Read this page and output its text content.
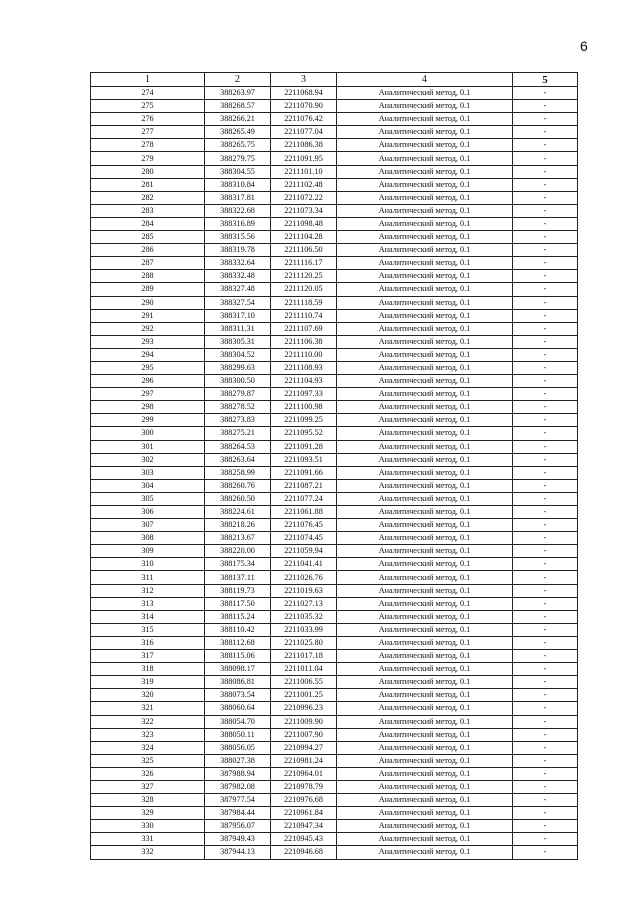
6
1	2	3	4	5
274	388263.97	2211068.94	Аналитический метод, 0.1	-
275	388268.57	2211070.90	Аналитический метод, 0.1	-
276	388266.21	2211076.42	Аналитический метод, 0.1	-
277	388265.49	2211077.04	Аналитический метод, 0.1	-
278	388265.75	2211086.38	Аналитический метод, 0.1	-
279	388279.75	2211091.95	Аналитический метод, 0.1	-
280	388304.55	2211101.10	Аналитический метод, 0.1	-
281	388310.84	2211102.48	Аналитический метод, 0.1	-
282	388317.81	2211072.22	Аналитический метод, 0.1	-
283	388322.68	2211073.34	Аналитический метод, 0.1	-
284	388316.89	2211098.48	Аналитический метод, 0.1	-
285	388315.56	2211104.28	Аналитический метод, 0.1	-
286	388319.78	2211106.50	Аналитический метод, 0.1	-
287	388332.64	2211116.17	Аналитический метод, 0.1	-
288	388332.48	2211120.25	Аналитический метод, 0.1	-
289	388327.48	2211120.05	Аналитический метод, 0.1	-
290	388327.54	2211118.59	Аналитический метод, 0.1	-
291	388317.10	2211110.74	Аналитический метод, 0.1	-
292	388311.31	2211107.69	Аналитический метод, 0.1	-
293	388305.31	2211106.38	Аналитический метод, 0.1	-
294	388304.52	2211110.00	Аналитический метод, 0.1	-
295	388299.63	2211108.93	Аналитический метод, 0.1	-
296	388300.50	2211104.93	Аналитический метод, 0.1	-
297	388279.87	2211097.33	Аналитический метод, 0.1	-
298	388278.52	2211100.98	Аналитический метод, 0.1	-
299	388273.83	2211099.25	Аналитический метод, 0.1	-
300	388275.21	2211095.52	Аналитический метод, 0.1	-
301	388264.53	2211091.28	Аналитический метод, 0.1	-
302	388263.64	2211093.51	Аналитический метод, 0.1	-
303	388258.99	2211091.66	Аналитический метод, 0.1	-
304	388260.76	2211087.21	Аналитический метод, 0.1	-
305	388260.50	2211077.24	Аналитический метод, 0.1	-
306	388224.61	2211061.88	Аналитический метод, 0.1	-
307	388218.26	2211076.45	Аналитический метод, 0.1	-
308	388213.67	2211074.45	Аналитический метод, 0.1	-
309	388220.00	2211059.94	Аналитический метод, 0.1	-
310	388175.34	2211041.41	Аналитический метод, 0.1	-
311	388137.11	2211026.76	Аналитический метод, 0.1	-
312	388119.73	2211019.63	Аналитический метод, 0.1	-
313	388117.50	2211027.13	Аналитический метод, 0.1	-
314	388115.24	2211035.32	Аналитический метод, 0.1	-
315	388110.42	2211033.99	Аналитический метод, 0.1	-
316	388112.68	2211025.80	Аналитический метод, 0.1	-
317	388115.06	2211017.18	Аналитический метод, 0.1	-
318	388098.17	2211011.04	Аналитический метод, 0.1	-
319	388086.81	2211006.55	Аналитический метод, 0.1	-
320	388073.54	2211001.25	Аналитический метод, 0.1	-
321	388060.64	2210996.23	Аналитический метод, 0.1	-
322	388054.70	2211009.90	Аналитический метод, 0.1	-
323	388050.11	2211007.90	Аналитический метод, 0.1	-
324	388056.05	2210994.27	Аналитический метод, 0.1	-
325	388027.38	2210981.24	Аналитический метод, 0.1	-
326	387988.94	2210964.01	Аналитический метод, 0.1	-
327	387982.08	2210978.79	Аналитический метод, 0.1	-
328	387977.54	2210976.68	Аналитический метод, 0.1	-
329	387984.44	2210961.84	Аналитический метод, 0.1	-
330	387956.07	2210947.34	Аналитический метод, 0.1	-
331	387949.43	2210945.43	Аналитический метод, 0.1	-
332	387944.13	2210946.68	Аналитический метод, 0.1	-
